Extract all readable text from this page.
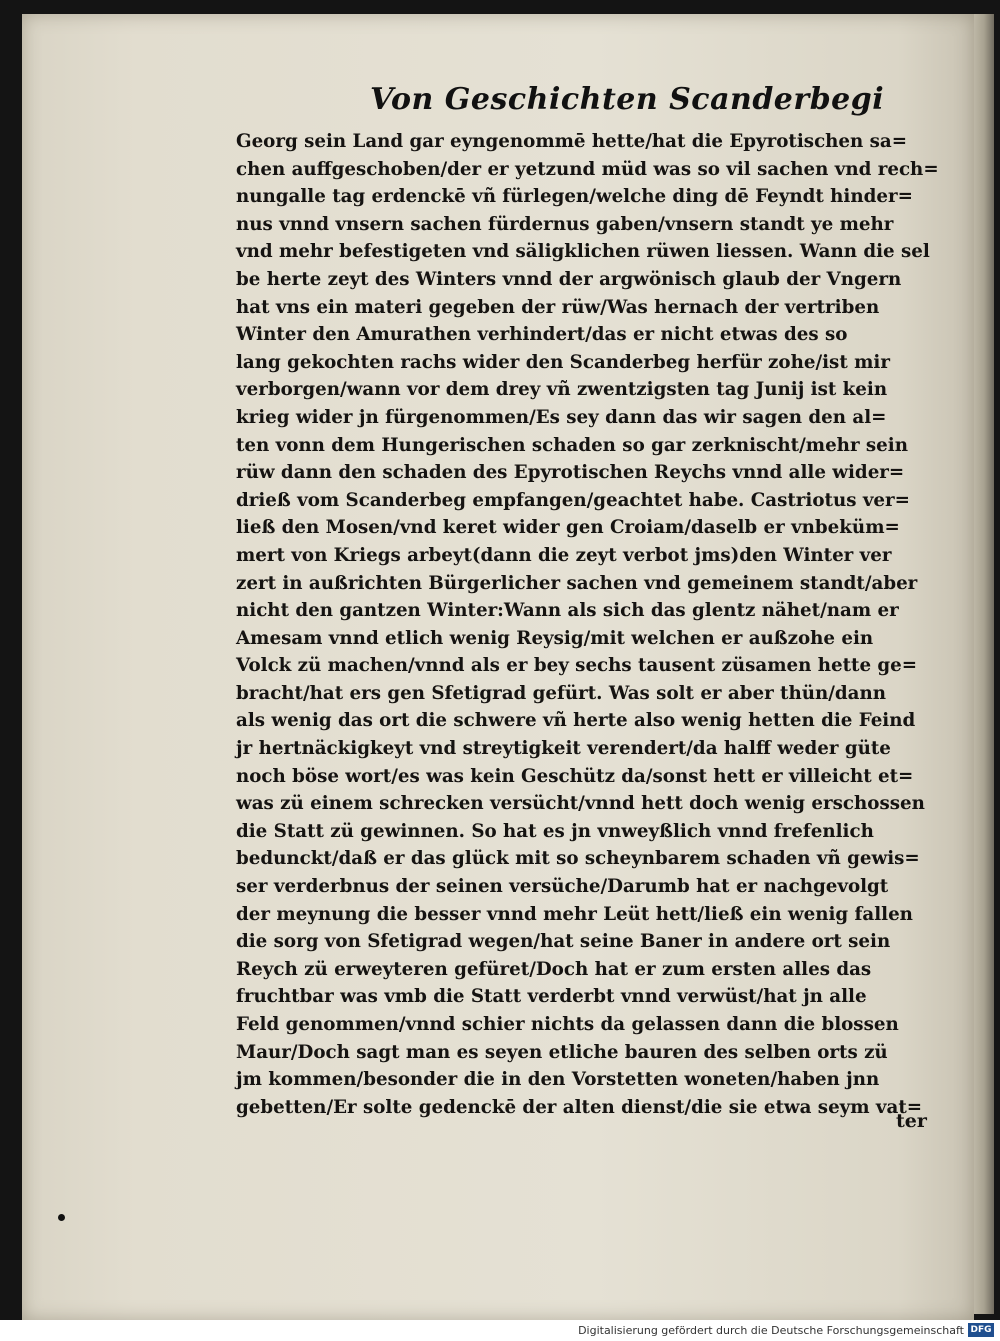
Von Geschichten Scanderbegi
Georg sein Land gar eyngenommē hette/hat die Epyrotischen sa=
chen auffgeschoben/der er yetzund müd was so vil sachen vnd rech=
nungalle tag erdenckē vñ fürlegen/welche ding dē Feyndt hinder=
nus vnnd vnsern sachen fürdernus gaben/vnsern standt ye mehr
vnd mehr befestigeten vnd säligklichen rüwen liessen. Wann die sel
be herte zeyt des Winters vnnd der argwönisch glaub der Vngern
hat vns ein materi gegeben der rüw/Was hernach der vertriben
Winter den Amurathen verhindert/das er nicht etwas des so
lang gekochten rachs wider den Scanderbeg herfür zohe/ist mir
verborgen/wann vor dem drey vñ zwentzigsten tag Junij ist kein
krieg wider jn fürgenommen/Es sey dann das wir sagen den al=
ten vonn dem Hungerischen schaden so gar zerknischt/mehr sein
rüw dann den schaden des Epyrotischen Reychs vnnd alle wider=
drieß vom Scanderbeg empfangen/geachtet habe. Castriotus ver=
ließ den Mosen/vnd keret wider gen Croiam/daselb er vnbeküm=
mert von Kriegs arbeyt(dann die zeyt verbot jms)den Winter ver
zert in außrichten Bürgerlicher sachen vnd gemeinem standt/aber
nicht den gantzen Winter:Wann als sich das glentz nähet/nam er
Amesam vnnd etlich wenig Reysig/mit welchen er außzohe ein
Volck zü machen/vnnd als er bey sechs tausent züsamen hette ge=
bracht/hat ers gen Sfetigrad gefürt. Was solt er aber thün/dann
als wenig das ort die schwere vñ herte also wenig hetten die Feind
jr hertnäckigkeyt vnd streytigkeit verendert/da halff weder güte
noch böse wort/es was kein Geschütz da/sonst hett er villeicht et=
was zü einem schrecken versücht/vnnd hett doch wenig erschossen
die Statt zü gewinnen. So hat es jn vnweyßlich vnnd frefenlich
bedunckt/daß er das glück mit so scheynbarem schaden vñ gewis=
ser verderbnus der seinen versüche/Darumb hat er nachgevolgt
der meynung die besser vnnd mehr Leüt hett/ließ ein wenig fallen
die sorg von Sfetigrad wegen/hat seine Baner in andere ort sein
Reych zü erweyteren gefüret/Doch hat er zum ersten alles das
fruchtbar was vmb die Statt verderbt vnnd verwüst/hat jn alle
Feld genommen/vnnd schier nichts da gelassen dann die blossen
Maur/Doch sagt man es seyen etliche bauren des selben orts zü
jm kommen/besonder die in den Vorstetten woneten/haben jnn
gebetten/Er solte gedenckē der alten dienst/die sie etwa seym vat=
ter
Digitalisierung gefördert durch die Deutsche Forschungsgemeinschaft DFG
